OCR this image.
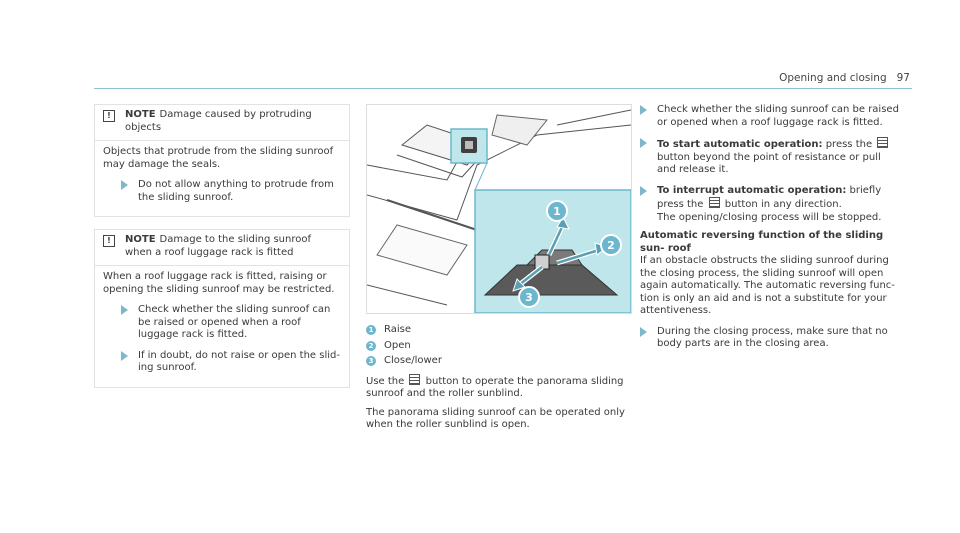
Opening and closing 97
!	NOTE Damage caused by protruding objects
Objects that protrude from the sliding sunroof may damage the seals.
Do not allow anything to protrude from the sliding sunroof.
!	NOTE Damage to the sliding sunroof when a roof luggage rack is fitted
When a roof luggage rack is fitted, raising or opening the sliding sunroof may be restricted.
Check whether the sliding sunroof can be raised or opened when a roof luggage rack is fitted.
If in doubt, do not raise or open the slid- ing sunroof.
1
2
3
1 Raise
2 Open
3 Close/lower

Use the button to operate the panorama sliding sunroof and the roller sunblind.

The panorama sliding sunroof can be operated only when the roller sunblind is open.

Check whether the sliding sunroof can be raised or opened when a roof luggage rack is fitted.
To start automatic operation: press the  button beyond the point of resistance or pull and release it.
To interrupt automatic operation: briefly press the button in any direction.
The opening/closing process will be stopped.
Automatic reversing function of the sliding sun- roof

If an obstacle obstructs the sliding sunroof during the closing process, the sliding sunroof will open again automatically. The automatic reversing func- tion is only an aid and is not a substitute for your attentiveness.

During the closing process, make sure that no body parts are in the closing area.
